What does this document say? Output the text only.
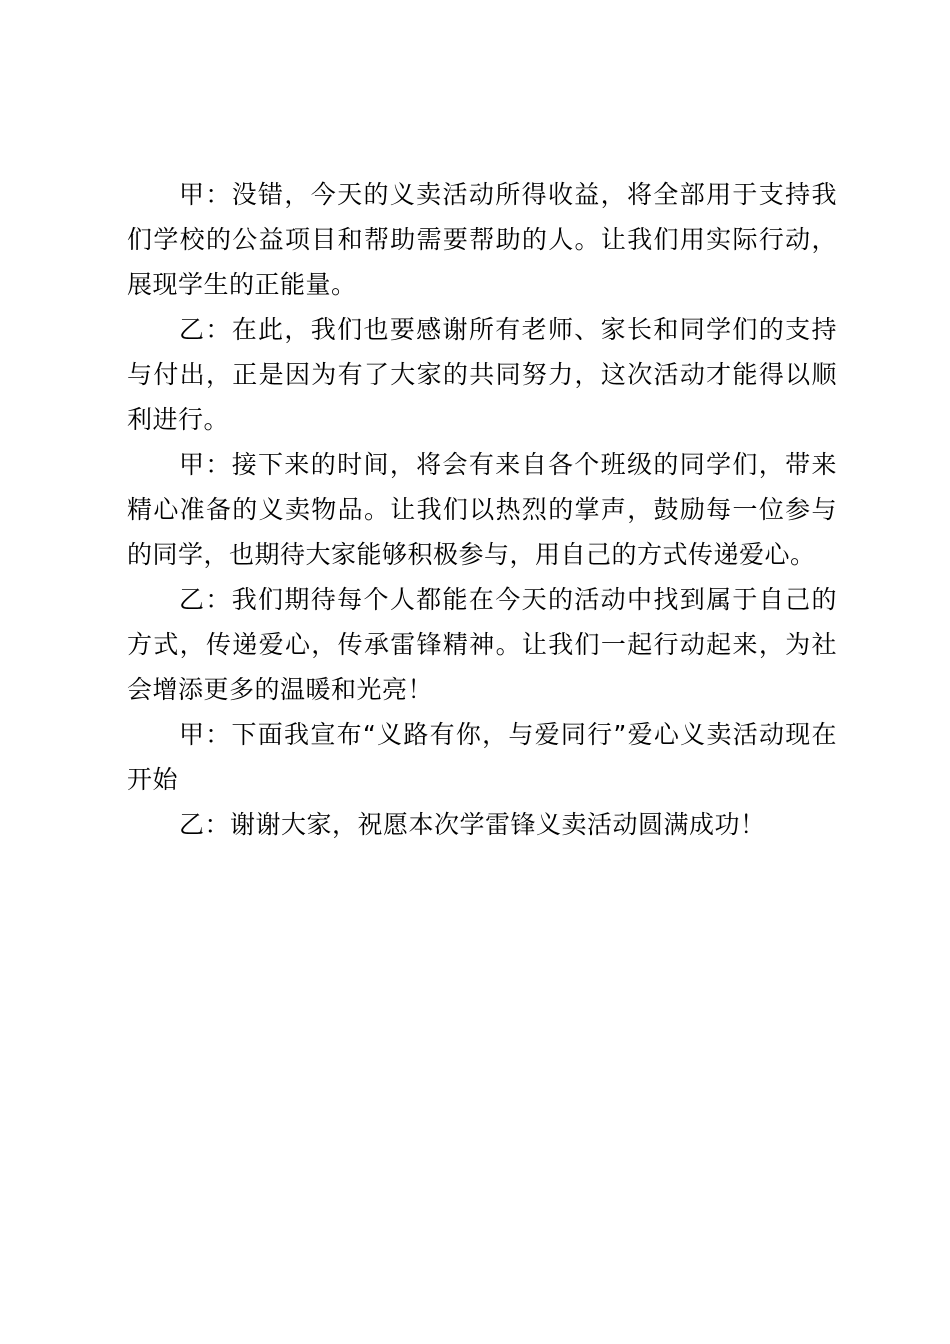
甲：没错，今天的义卖活动所得收益，将全部用于支持我们学校的公益项目和帮助需要帮助的人。让我们用实际行动，展现学生的正能量。

乙：在此，我们也要感谢所有老师、家长和同学们的支持与付出，正是因为有了大家的共同努力，这次活动才能得以顺利进行。

甲：接下来的时间，将会有来自各个班级的同学们，带来精心准备的义卖物品。让我们以热烈的掌声，鼓励每一位参与的同学，也期待大家能够积极参与，用自己的方式传递爱心。

乙：我们期待每个人都能在今天的活动中找到属于自己的方式，传递爱心，传承雷锋精神。让我们一起行动起来，为社会增添更多的温暖和光亮！

甲：下面我宣布“义路有你，与爱同行”爱心义卖活动现在开始

乙：谢谢大家，祝愿本次学雷锋义卖活动圆满成功！
